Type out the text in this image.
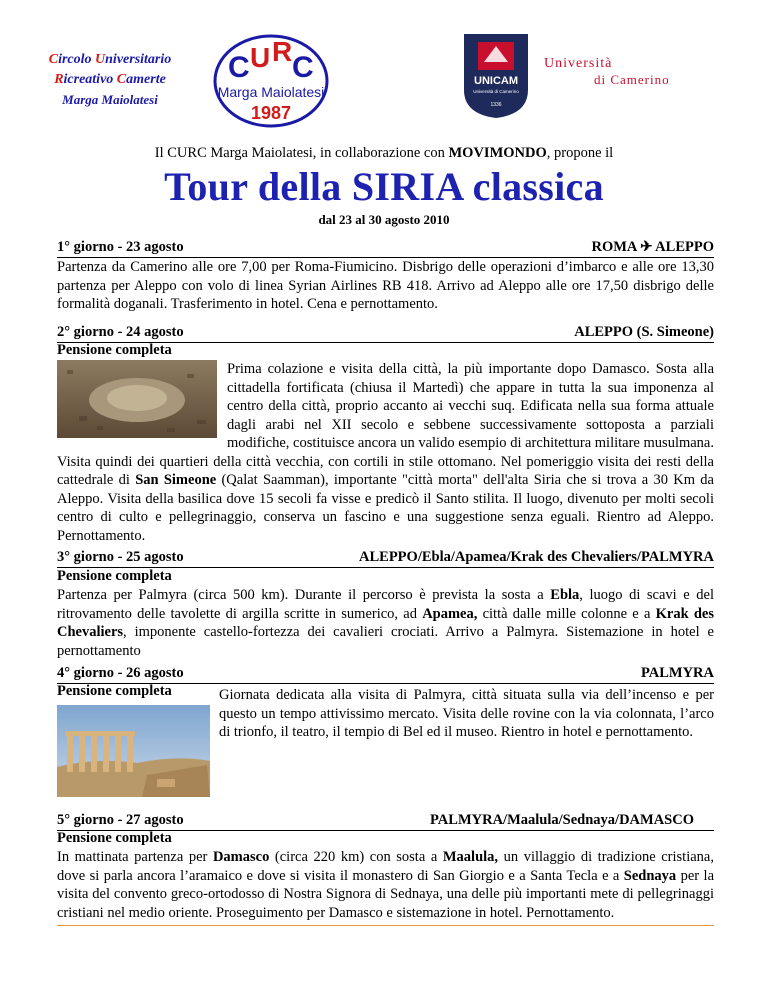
Circolo Universitario
Ricreativo Camerte
Marga Maiolatesi
C U R C
Marga Maiolatesi
1987
UNICAM
Università di Camerino
1336
Università
di Camerino
Il CURC Marga Maiolatesi, in collaborazione con MOVIMONDO, propone il
Tour della SIRIA classica
dal 23 al 30 agosto 2010
1° giorno - 23 agosto	ROMA ✈ ALEPPO
Partenza da Camerino alle ore 7,00 per Roma-Fiumicino. Disbrigo delle operazioni d’imbarco e alle ore 13,30 partenza per Aleppo con volo di linea Syrian Airlines RB 418. Arrivo ad Aleppo alle ore 17,50 disbrigo delle formalità doganali. Trasferimento in hotel. Cena e pernottamento.
2° giorno - 24 agosto	ALEPPO (S. Simeone)
Pensione completa
Prima colazione e visita della città, la più importante dopo Damasco. Sosta alla cittadella fortificata (chiusa il Martedì) che appare in tutta la sua imponenza al centro della città, proprio accanto ai vecchi suq. Edificata nella sua forma attuale dagli arabi nel XII secolo e sebbene successivamente sottoposta a parziali modifiche, costituisce ancora un valido esempio di architettura militare musulmana. Visita quindi dei quartieri della città vecchia, con cortili in stile ottomano. Nel pomeriggio visita dei resti della cattedrale di San Simeone (Qalat Saamman), importante "città morta" dell'alta Siria che si trova a 30 Km da Aleppo. Visita della basilica dove 15 secoli fa visse e predicò il Santo stilita. Il luogo, divenuto per molti secoli centro di culto e pellegrinaggio, conserva un fascino e una suggestione senza eguali. Rientro ad Aleppo. Pernottamento.
3° giorno - 25 agosto	ALEPPO/Ebla/Apamea/Krak des Chevaliers/PALMYRA
Pensione completa
Partenza per Palmyra (circa 500 km). Durante il percorso è prevista la sosta a Ebla, luogo di scavi e del ritrovamento delle tavolette di argilla scritte in sumerico, ad Apamea, città dalle mille colonne e a Krak des Chevaliers, imponente castello-fortezza dei cavalieri crociati. Arrivo a Palmyra. Sistemazione in hotel e pernottamento
4° giorno - 26 agosto	PALMYRA
Pensione completa	Giornata dedicata alla visita di Palmyra, città situata sulla via dell’incenso e per questo un tempo attivissimo mercato. Visita delle rovine con la via colonnata, l’arco di trionfo, il teatro, il tempio di Bel ed il museo. Rientro in hotel e pernottamento.
5° giorno - 27 agosto	PALMYRA/Maalula/Sednaya/DAMASCO
Pensione completa
In mattinata partenza per Damasco (circa 220 km) con sosta a Maalula, un villaggio di tradizione cristiana, dove si parla ancora l’aramaico e dove si visita il monastero di San Giorgio e a Santa Tecla e a Sednaya per la visita del convento greco-ortodosso di Nostra Signora di Sednaya, una delle più importanti mete di pellegrinaggi cristiani nel medio oriente. Proseguimento per Damasco e sistemazione in hotel. Pernottamento.
